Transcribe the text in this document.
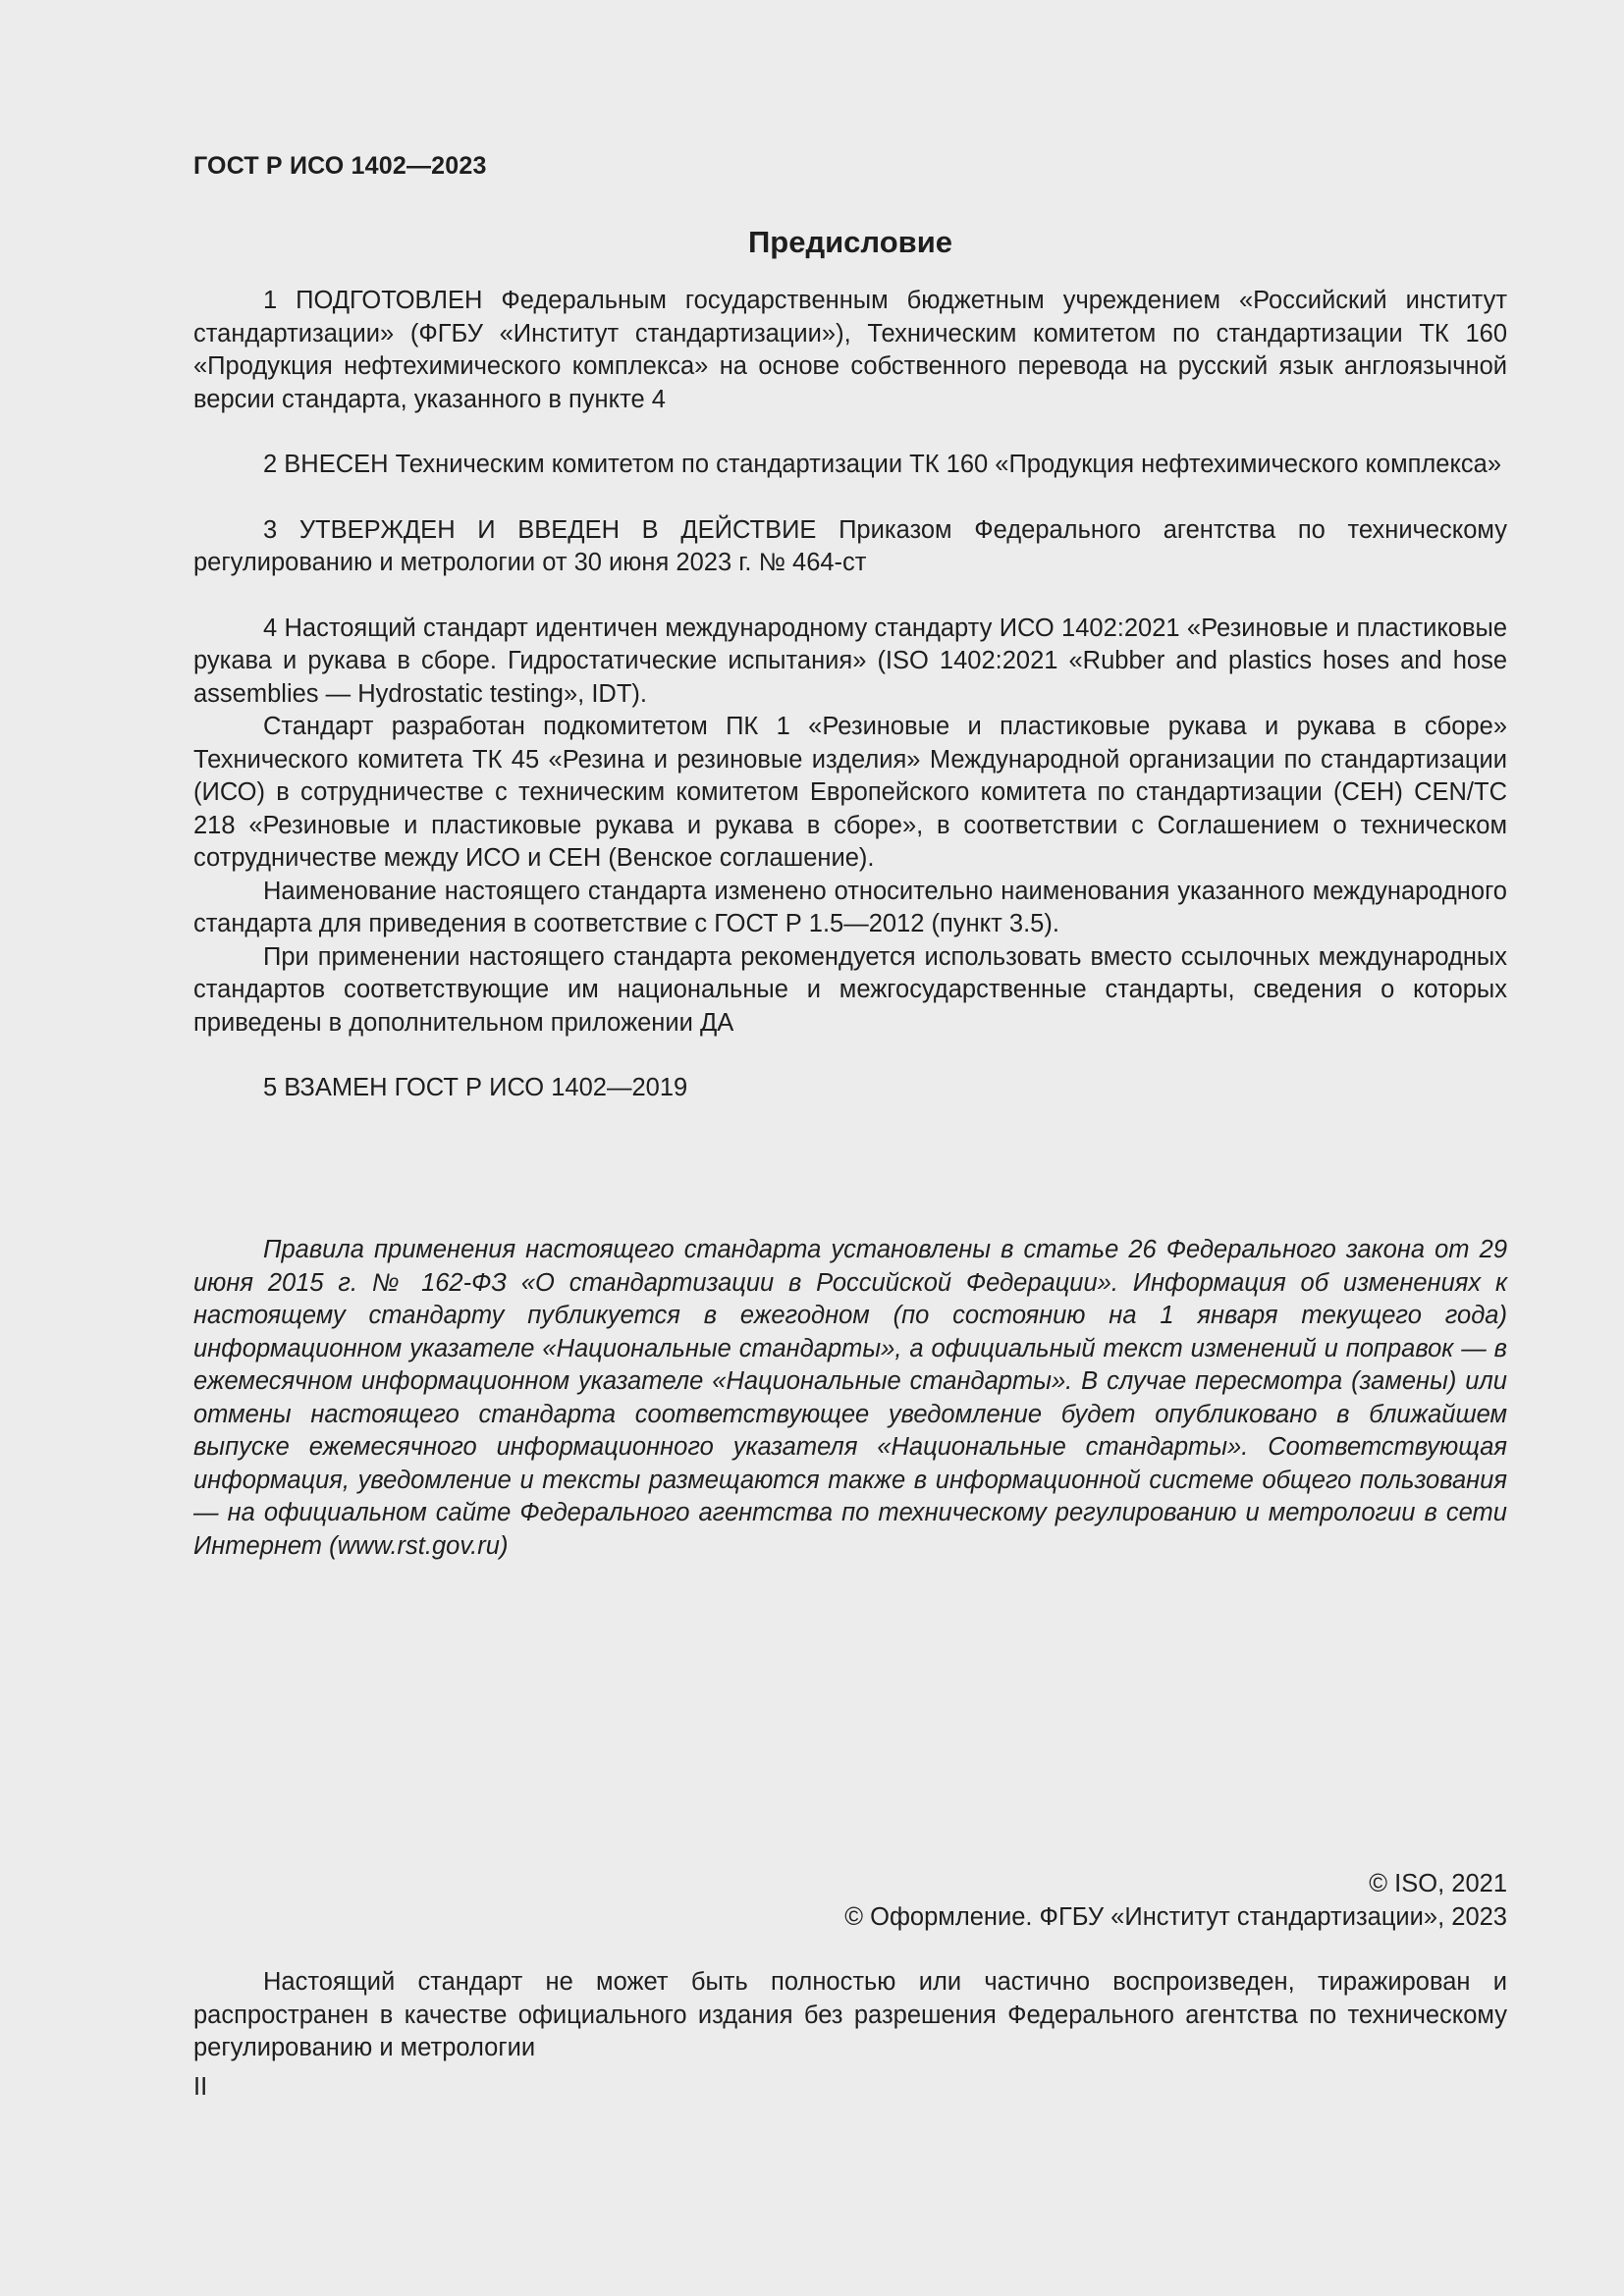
ГОСТ Р ИСО 1402—2023
Предисловие

1 ПОДГОТОВЛЕН Федеральным государственным бюджетным учреждением «Российский институт стандартизации» (ФГБУ «Институт стандартизации»), Техническим комитетом по стандартизации ТК 160 «Продукция нефтехимического комплекса» на основе собственного перевода на русский язык англоязычной версии стандарта, указанного в пункте 4

2 ВНЕСЕН Техническим комитетом по стандартизации ТК 160 «Продукция нефтехимического комплекса»

3 УТВЕРЖДЕН И ВВЕДЕН В ДЕЙСТВИЕ Приказом Федерального агентства по техническому регулированию и метрологии от 30 июня 2023 г. № 464-ст

4 Настоящий стандарт идентичен международному стандарту ИСО 1402:2021 «Резиновые и пластиковые рукава и рукава в сборе. Гидростатические испытания» (ISO 1402:2021 «Rubber and plastics hoses and hose assemblies — Hydrostatic testing», IDT).

Стандарт разработан подкомитетом ПК 1 «Резиновые и пластиковые рукава и рукава в сборе» Технического комитета ТК 45 «Резина и резиновые изделия» Международной организации по стандартизации (ИСО) в сотрудничестве с техническим комитетом Европейского комитета по стандартизации (СЕН) CEN/TC 218 «Резиновые и пластиковые рукава и рукава в сборе», в соответствии с Соглашением о техническом сотрудничестве между ИСО и СЕН (Венское соглашение).

Наименование настоящего стандарта изменено относительно наименования указанного международного стандарта для приведения в соответствие с ГОСТ Р 1.5—2012 (пункт 3.5).

При применении настоящего стандарта рекомендуется использовать вместо ссылочных международных стандартов соответствующие им национальные и межгосударственные стандарты, сведения о которых приведены в дополнительном приложении ДА

5 ВЗАМЕН ГОСТ Р ИСО 1402—2019

Правила применения настоящего стандарта установлены в статье 26 Федерального закона от 29 июня 2015 г. № 162-ФЗ «О стандартизации в Российской Федерации». Информация об изменениях к настоящему стандарту публикуется в ежегодном (по состоянию на 1 января текущего года) информационном указателе «Национальные стандарты», а официальный текст изменений и поправок — в ежемесячном информационном указателе «Национальные стандарты». В случае пересмотра (замены) или отмены настоящего стандарта соответствующее уведомление будет опубликовано в ближайшем выпуске ежемесячного информационного указателя «Национальные стандарты». Соответствующая информация, уведомление и тексты размещаются также в информационной системе общего пользования — на официальном сайте Федерального агентства по техническому регулированию и метрологии в сети Интернет (www.rst.gov.ru)

© ISO, 2021
© Оформление. ФГБУ «Институт стандартизации», 2023

Настоящий стандарт не может быть полностью или частично воспроизведен, тиражирован и распространен в качестве официального издания без разрешения Федерального агентства по техническому регулированию и метрологии

II
